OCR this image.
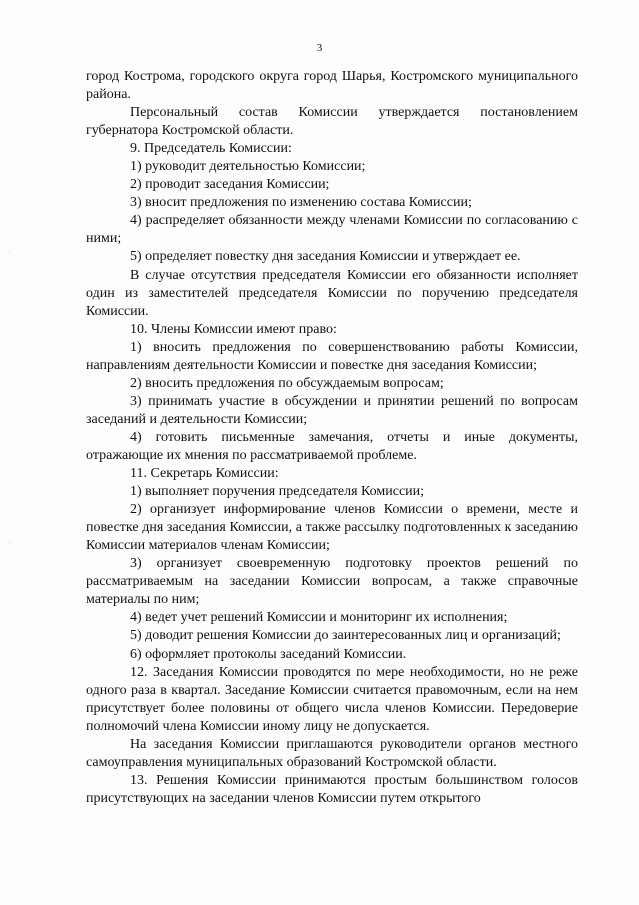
3

город Кострома, городского округа город Шарья, Костромского муниципального района.

Персональный состав Комиссии утверждается постановлением губернатора Костромской области.

9. Председатель Комиссии:

1) руководит деятельностью Комиссии;

2) проводит заседания Комиссии;

3) вносит предложения по изменению состава Комиссии;

4) распределяет обязанности между членами Комиссии по согласованию с ними;

5) определяет повестку дня заседания Комиссии и утверждает ее.

В случае отсутствия председателя Комиссии его обязанности исполняет один из заместителей председателя Комиссии по поручению председателя Комиссии.

10. Члены Комиссии имеют право:

1) вносить предложения по совершенствованию работы Комиссии, направлениям деятельности Комиссии и повестке дня заседания Комиссии;

2) вносить предложения по обсуждаемым вопросам;

3) принимать участие в обсуждении и принятии решений по вопросам заседаний и деятельности Комиссии;

4) готовить письменные замечания, отчеты и иные документы, отражающие их мнения по рассматриваемой проблеме.

11. Секретарь Комиссии:

1) выполняет поручения председателя Комиссии;

2) организует информирование членов Комиссии о времени, месте и повестке дня заседания Комиссии, а также рассылку подготовленных к заседанию Комиссии материалов членам Комиссии;

3) организует своевременную подготовку проектов решений по рассматриваемым на заседании Комиссии вопросам, а также справочные материалы по ним;

4) ведет учет решений Комиссии и мониторинг их исполнения;

5) доводит решения Комиссии до заинтересованных лиц и организаций;

6) оформляет протоколы заседаний Комиссии.

12. Заседания Комиссии проводятся по мере необходимости, но не реже одного раза в квартал. Заседание Комиссии считается правомочным, если на нем присутствует более половины от общего числа членов Комиссии. Передоверие полномочий члена Комиссии иному лицу не допускается.

На заседания Комиссии приглашаются руководители органов местного самоуправления муниципальных образований Костромской области.

13. Решения Комиссии принимаются простым большинством голосов присутствующих на заседании членов Комиссии путем открытого

·
·
